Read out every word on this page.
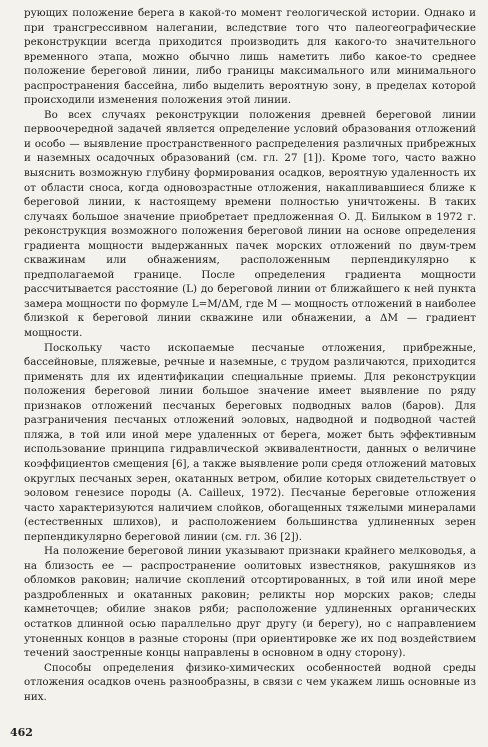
рующих положение берега в какой-то момент геологической истории. Однако и при трансгрессивном налегании, вследствие того что палеогеографические реконструкции всегда приходится производить для какого-то значительного временного этапа, можно обычно лишь наметить либо какое-то среднее положение береговой линии, либо границы максимального или минимального распространения бассейна, либо выделить вероятную зону, в пределах которой происходили изменения положения этой линии.

Во всех случаях реконструкции положения древней береговой линии первоочередной задачей является определение условий образования отложений и особо — выявление пространственного распределения различных прибрежных и наземных осадочных образований (см. гл. 27 [1]). Кроме того, часто важно выяснить возможную глубину формирования осадков, вероятную удаленность их от области сноса, когда одновозрастные отложения, накапливавшиеся ближе к береговой линии, к настоящему времени полностью уничтожены. В таких случаях большое значение приобретает предложенная О. Д. Билыком в 1972 г. реконструкция возможного положения береговой линии на основе определения градиента мощности выдержанных пачек морских отложений по двум-трем скважинам или обнажениям, расположенным перпендикулярно к предполагаемой границе. После определения градиента мощности рассчитывается расстояние (L) до береговой линии от ближайшего к ней пункта замера мощности по формуле L=M/ΔM, где M — мощность отложений в наиболее близкой к береговой линии скважине или обнажении, а ΔM — градиент мощности.

Поскольку часто ископаемые песчаные отложения, прибрежные, бассейновые, пляжевые, речные и наземные, с трудом различаются, приходится применять для их идентификации специальные приемы. Для реконструкции положения береговой линии большое значение имеет выявление по ряду признаков отложений песчаных береговых подводных валов (баров). Для разграничения песчаных отложений эоловых, надводной и подводной частей пляжа, в той или иной мере удаленных от берега, может быть эффективным использование принципа гидравлической эквивалентности, данных о величине коэффициентов смещения [6], а также выявление роли средя отложений матовых округлых песчаных зерен, окатанных ветром, обилие которых свидетельствует о эоловом генезисе породы (A. Cailleux, 1972). Песчаные береговые отложения часто характеризуются наличием слойков, обогащенных тяжелыми минералами (естественных шлихов), и расположением большинства удлиненных зерен перпендикулярно береговой линии (см. гл. 36 [2]).

На положение береговой линии указывают признаки крайнего мелководья, а на близость ее — распространение оолитовых известняков, ракушняков из обломков раковин; наличие скоплений отсортированных, в той или иной мере раздробленных и окатанных раковин; реликты нор морских раков; следы камнеточцев; обилие знаков ряби; расположение удлиненных органических остатков длинной осью параллельно друг другу (и берегу), но с направлением утоненных концов в разные стороны (при ориентировке же их под воздействием течений заостренные концы направлены в основном в одну сторону).

Способы определения физико-химических особенностей водной среды отложения осадков очень разнообразны, в связи с чем укажем лишь основные из них.

462
